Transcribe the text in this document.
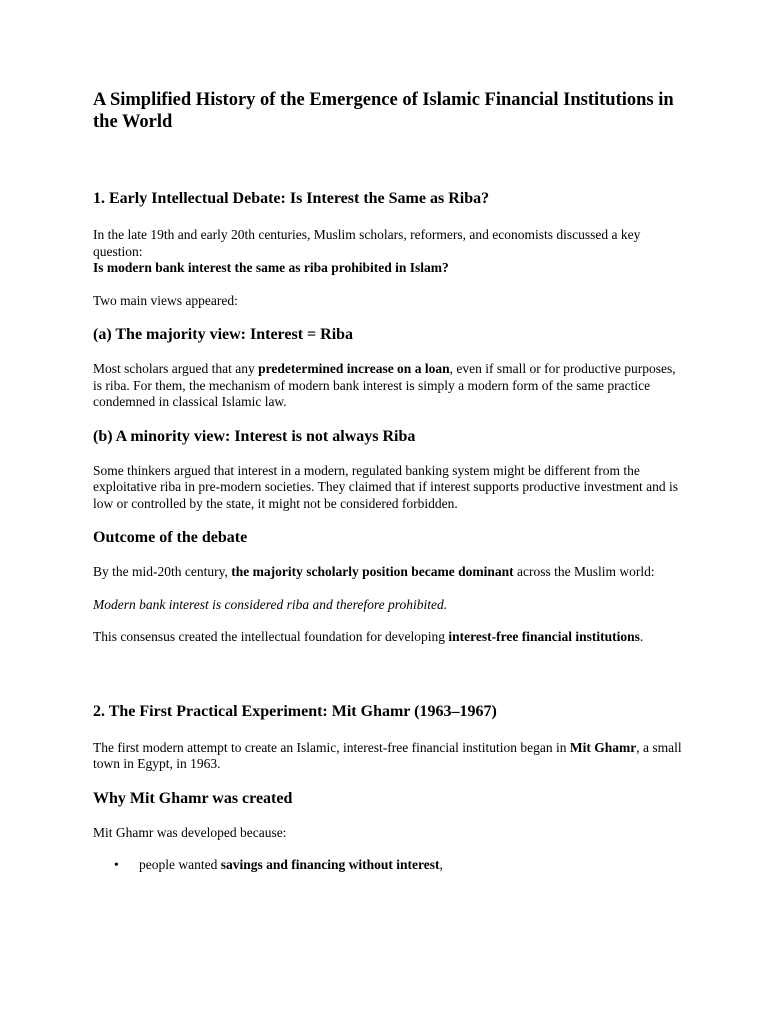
A Simplified History of the Emergence of Islamic Financial Institutions in the World
1. Early Intellectual Debate: Is Interest the Same as Riba?

In the late 19th and early 20th centuries, Muslim scholars, reformers, and economists discussed a key question:
Is modern bank interest the same as riba prohibited in Islam?

Two main views appeared:

(a) The majority view: Interest = Riba

Most scholars argued that any predetermined increase on a loan, even if small or for productive purposes, is riba. For them, the mechanism of modern bank interest is simply a modern form of the same practice condemned in classical Islamic law.

(b) A minority view: Interest is not always Riba

Some thinkers argued that interest in a modern, regulated banking system might be different from the exploitative riba in pre-modern societies. They claimed that if interest supports productive investment and is low or controlled by the state, it might not be considered forbidden.

Outcome of the debate

By the mid-20th century, the majority scholarly position became dominant across the Muslim world:

Modern bank interest is considered riba and therefore prohibited.

This consensus created the intellectual foundation for developing interest-free financial institutions.

2. The First Practical Experiment: Mit Ghamr (1963–1967)

The first modern attempt to create an Islamic, interest-free financial institution began in Mit Ghamr, a small town in Egypt, in 1963.

Why Mit Ghamr was created

Mit Ghamr was developed because:

• people wanted savings and financing without interest,
